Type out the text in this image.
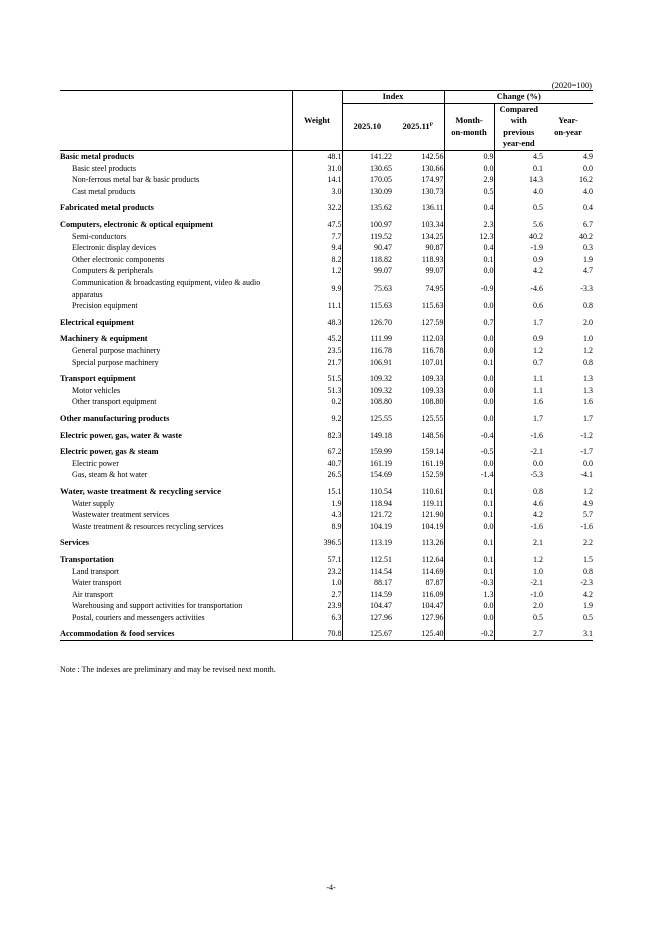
(2020=100)
	Weight	Index		Change (%)		
		2025.10	$2025.11^P$	Month-on-month	Compared with previous year-end	Year-on-year

Basic metal products	48.1	141.22	142.56	0.9	4.5	4.9
Basic steel products	31.0	130.65	130.66	0.0	0.1	0.0
Non-ferrous metal bar & basic products	14.1	170.05	174.97	2.9	14.3	16.2
Cast metal products	3.0	130.09	130.73	0.5	4.0	4.0
Fabricated metal products	32.2	135.62	136.11	0.4	0.5	0.4
Computers, electronic & optical equipment	47.5	100.97	103.34	2.3	5.6	6.7
Semi-conductors	7.7	119.52	134.25	12.3	40.2	40.2
Electronic display devices	9.4	90.47	90.87	0.4	-1.9	0.3
Other electronic components	8.2	118.82	118.93	0.1	0.9	1.9
Computers & peripherals	1.2	99.07	99.07	0.0	4.2	4.7
Communication & broadcasting equipment, video & audio apparatus	9.9	75.63	74.95	-0.9	-4.6	-3.3
Precision equipment	11.1	115.63	115.63	0.0	0.6	0.8
Electrical equipment	48.3	126.70	127.59	0.7	1.7	2.0
Machinery & equipment	45.2	111.99	112.03	0.0	0.9	1.0
General purpose machinery	23.5	116.78	116.78	0.0	1.2	1.2
Special purpose machinery	21.7	106.91	107.01	0.1	0.7	0.8
Transport equipment	51.5	109.32	109.33	0.0	1.1	1.3
Motor vehicles	51.3	109.32	109.33	0.0	1.1	1.3
Other transport equipment	0.2	108.80	108.80	0.0	1.6	1.6
Other manufacturing products	9.2	125.55	125.55	0.0	1.7	1.7
Electric power, gas, water & waste	82.3	149.18	148.56	-0.4	-1.6	-1.2
Electric power, gas & steam	67.2	159.99	159.14	-0.5	-2.1	-1.7
Electric power	40.7	161.19	161.19	0.0	0.0	0.0
Gas, steam & hot water	26.5	154.69	152.59	-1.4	-5.3	-4.1
Water, waste treatment & recycling service	15.1	110.54	110.61	0.1	0.8	1.2
Water supply	1.9	118.94	119.11	0.1	4.6	4.9
Wastewater treatment services	4.3	121.72	121.90	0.1	4.2	5.7
Waste treatment & resources recycling services	8.9	104.19	104.19	0.0	-1.6	-1.6
Services	396.5	113.19	113.26	0.1	2.1	2.2
Transportation	57.1	112.51	112.64	0.1	1.2	1.5
Land transport	23.2	114.54	114.69	0.1	1.0	0.8
Water transport	1.0	88.17	87.87	-0.3	-2.1	-2.3
Air transport	2.7	114.59	116.09	1.3	-1.0	4.2
Warehousing and support activities for transportation	23.9	104.47	104.47	0.0	2.0	1.9
Postal, couriers and messengers activities	6.3	127.96	127.96	0.0	0.5	0.5
Accommodation & food services	70.8	125.67	125.40	-0.2	2.7	3.1
Note : The indexes are preliminary and may be revised next month.
-4-
